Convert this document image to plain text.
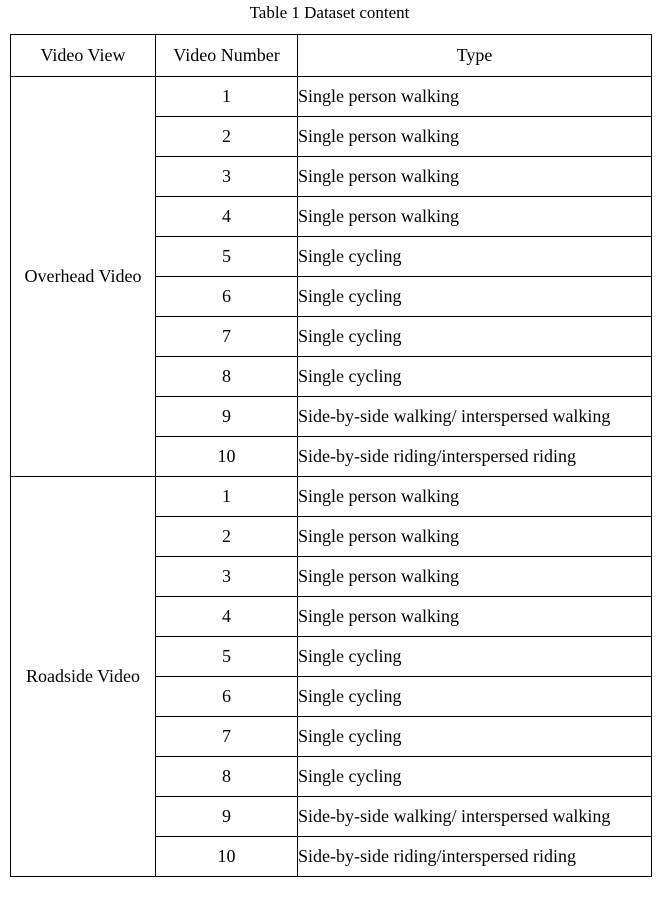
Table 1 Dataset content
Video View	Video Number	Type
Overhead Video	1	Single person walking
	2	Single person walking
	3	Single person walking
	4	Single person walking
	5	Single cycling
	6	Single cycling
	7	Single cycling
	8	Single cycling
	9	Side-by-side walking/ interspersed walking
	10	Side-by-side riding/interspersed riding
Roadside Video	1	Single person walking
	2	Single person walking
	3	Single person walking
	4	Single person walking
	5	Single cycling
	6	Single cycling
	7	Single cycling
	8	Single cycling
	9	Side-by-side walking/ interspersed walking
	10	Side-by-side riding/interspersed riding
